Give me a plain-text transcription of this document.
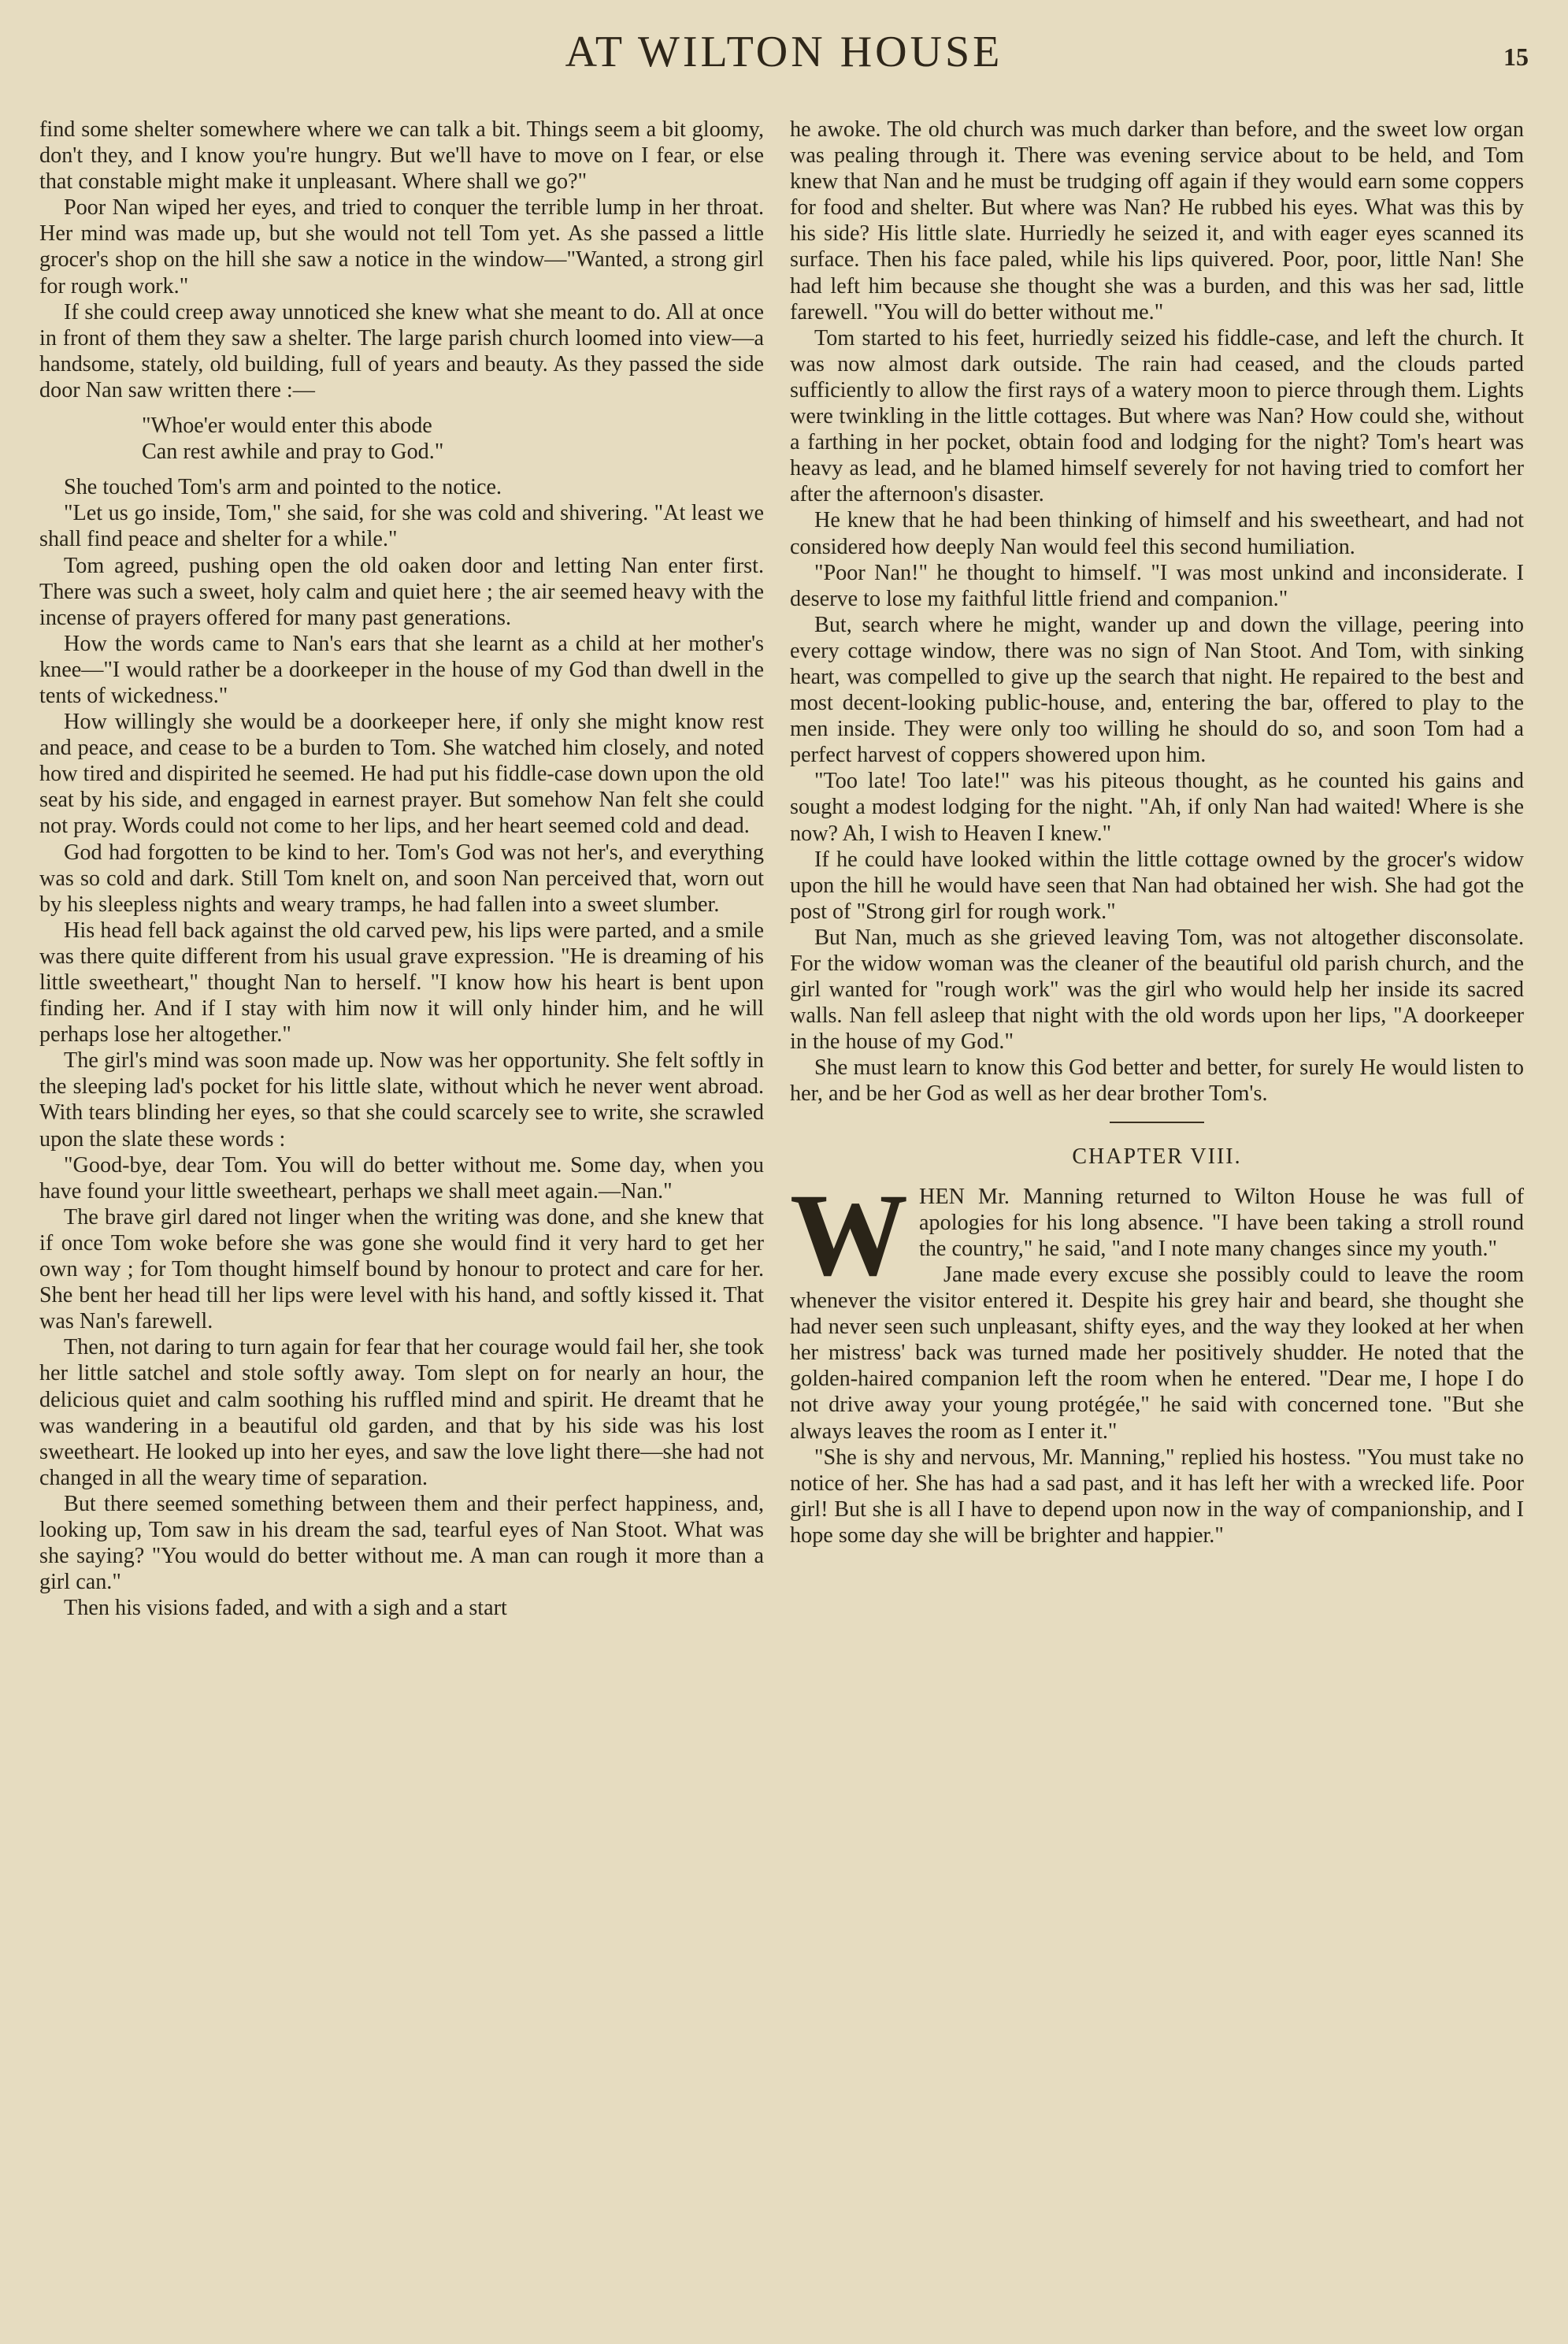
AT WILTON HOUSE	15

find some shelter somewhere where we can talk a bit. Things seem a bit gloomy, don't they, and I know you're hungry. But we'll have to move on I fear, or else that constable might make it unpleasant. Where shall we go?"

Poor Nan wiped her eyes, and tried to conquer the terrible lump in her throat. Her mind was made up, but she would not tell Tom yet. As she passed a little grocer's shop on the hill she saw a notice in the window—"Wanted, a strong girl for rough work."

If she could creep away unnoticed she knew what she meant to do. All at once in front of them they saw a shelter. The large parish church loomed into view—a handsome, stately, old building, full of years and beauty. As they passed the side door Nan saw written there :—

"Whoe'er would enter this abode
Can rest awhile and pray to God."

She touched Tom's arm and pointed to the notice.

"Let us go inside, Tom," she said, for she was cold and shivering. "At least we shall find peace and shelter for a while."

Tom agreed, pushing open the old oaken door and letting Nan enter first. There was such a sweet, holy calm and quiet here ; the air seemed heavy with the incense of prayers offered for many past generations.

How the words came to Nan's ears that she learnt as a child at her mother's knee—"I would rather be a doorkeeper in the house of my God than dwell in the tents of wickedness."

How willingly she would be a doorkeeper here, if only she might know rest and peace, and cease to be a burden to Tom. She watched him closely, and noted how tired and dispirited he seemed. He had put his fiddle-case down upon the old seat by his side, and engaged in earnest prayer. But somehow Nan felt she could not pray. Words could not come to her lips, and her heart seemed cold and dead.

God had forgotten to be kind to her. Tom's God was not her's, and everything was so cold and dark. Still Tom knelt on, and soon Nan perceived that, worn out by his sleepless nights and weary tramps, he had fallen into a sweet slumber.

His head fell back against the old carved pew, his lips were parted, and a smile was there quite different from his usual grave expression. "He is dreaming of his little sweetheart," thought Nan to herself. "I know how his heart is bent upon finding her. And if I stay with him now it will only hinder him, and he will perhaps lose her altogether."

The girl's mind was soon made up. Now was her opportunity. She felt softly in the sleeping lad's pocket for his little slate, without which he never went abroad. With tears blinding her eyes, so that she could scarcely see to write, she scrawled upon the slate these words :

"Good-bye, dear Tom. You will do better without me. Some day, when you have found your little sweetheart, perhaps we shall meet again.—Nan."

The brave girl dared not linger when the writing was done, and she knew that if once Tom woke before she was gone she would find it very hard to get her own way ; for Tom thought himself bound by honour to protect and care for her. She bent her head till her lips were level with his hand, and softly kissed it. That was Nan's farewell.

Then, not daring to turn again for fear that her courage would fail her, she took her little satchel and stole softly away. Tom slept on for nearly an hour, the delicious quiet and calm soothing his ruffled mind and spirit. He dreamt that he was wandering in a beautiful old garden, and that by his side was his lost sweetheart. He looked up into her eyes, and saw the love light there—she had not changed in all the weary time of separation.

But there seemed something between them and their perfect happiness, and, looking up, Tom saw in his dream the sad, tearful eyes of Nan Stoot. What was she saying? "You would do better without me. A man can rough it more than a girl can."

Then his visions faded, and with a sigh and a start

he awoke. The old church was much darker than before, and the sweet low organ was pealing through it. There was evening service about to be held, and Tom knew that Nan and he must be trudging off again if they would earn some coppers for food and shelter. But where was Nan? He rubbed his eyes. What was this by his side? His little slate. Hurriedly he seized it, and with eager eyes scanned its surface. Then his face paled, while his lips quivered. Poor, poor, little Nan! She had left him because she thought she was a burden, and this was her sad, little farewell. "You will do better without me."

Tom started to his feet, hurriedly seized his fiddle-case, and left the church. It was now almost dark outside. The rain had ceased, and the clouds parted sufficiently to allow the first rays of a watery moon to pierce through them. Lights were twinkling in the little cottages. But where was Nan? How could she, without a farthing in her pocket, obtain food and lodging for the night? Tom's heart was heavy as lead, and he blamed himself severely for not having tried to comfort her after the afternoon's disaster.

He knew that he had been thinking of himself and his sweetheart, and had not considered how deeply Nan would feel this second humiliation.

"Poor Nan!" he thought to himself. "I was most unkind and inconsiderate. I deserve to lose my faithful little friend and companion."

But, search where he might, wander up and down the village, peering into every cottage window, there was no sign of Nan Stoot. And Tom, with sinking heart, was compelled to give up the search that night. He repaired to the best and most decent-looking public-house, and, entering the bar, offered to play to the men inside. They were only too willing he should do so, and soon Tom had a perfect harvest of coppers showered upon him.

"Too late! Too late!" was his piteous thought, as he counted his gains and sought a modest lodging for the night. "Ah, if only Nan had waited! Where is she now? Ah, I wish to Heaven I knew."

If he could have looked within the little cottage owned by the grocer's widow upon the hill he would have seen that Nan had obtained her wish. She had got the post of "Strong girl for rough work."

But Nan, much as she grieved leaving Tom, was not altogether disconsolate. For the widow woman was the cleaner of the beautiful old parish church, and the girl wanted for "rough work" was the girl who would help her inside its sacred walls. Nan fell asleep that night with the old words upon her lips, "A doorkeeper in the house of my God."

She must learn to know this God better and better, for surely He would listen to her, and be her God as well as her dear brother Tom's.

CHAPTER VIII.

WHEN Mr. Manning returned to Wilton House he was full of apologies for his long absence. "I have been taking a stroll round the country," he said, "and I note many changes since my youth."

Jane made every excuse she possibly could to leave the room whenever the visitor entered it. Despite his grey hair and beard, she thought she had never seen such unpleasant, shifty eyes, and the way they looked at her when her mistress' back was turned made her positively shudder. He noted that the golden-haired companion left the room when he entered. "Dear me, I hope I do not drive away your young protégée," he said with concerned tone. "But she always leaves the room as I enter it."

"She is shy and nervous, Mr. Manning," replied his hostess. "You must take no notice of her. She has had a sad past, and it has left her with a wrecked life. Poor girl! But she is all I have to depend upon now in the way of companionship, and I hope some day she will be brighter and happier."
